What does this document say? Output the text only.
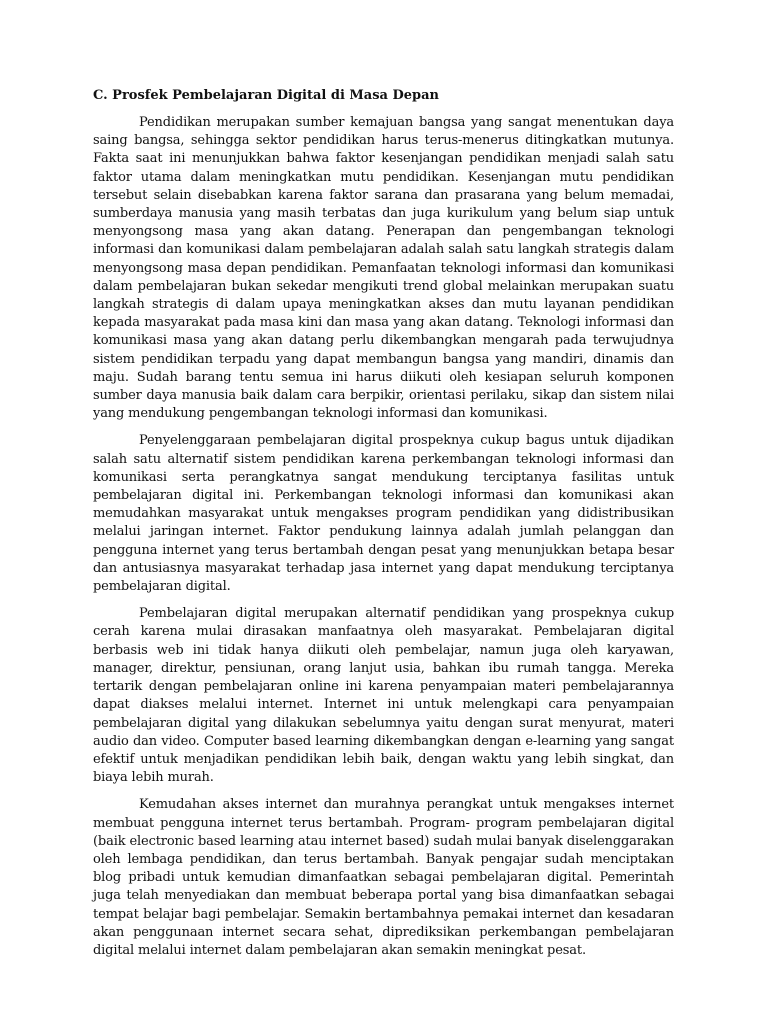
C. Prosfek Pembelajaran Digital di Masa Depan

Pendidikan merupakan sumber kemajuan bangsa yang sangat menentukan daya saing bangsa, sehingga sektor pendidikan harus terus-menerus ditingkatkan mutunya. Fakta saat ini menunjukkan bahwa faktor kesenjangan pendidikan menjadi salah satu faktor utama dalam meningkatkan mutu pendidikan. Kesenjangan mutu pendidikan tersebut selain disebabkan karena faktor sarana dan prasarana yang belum memadai, sumberdaya manusia yang masih terbatas dan juga kurikulum yang belum siap untuk menyongsong masa yang akan datang. Penerapan dan pengembangan teknologi informasi dan komunikasi dalam pembelajaran adalah salah satu langkah strategis dalam menyongsong masa depan pendidikan. Pemanfaatan teknologi informasi dan komunikasi dalam pembelajaran bukan sekedar mengikuti trend global melainkan merupakan suatu langkah strategis di dalam upaya meningkatkan akses dan mutu layanan pendidikan kepada masyarakat pada masa kini dan masa yang akan datang. Teknologi informasi dan komunikasi masa yang akan datang perlu dikembangkan mengarah pada terwujudnya sistem pendidikan terpadu yang dapat membangun bangsa yang mandiri, dinamis dan maju. Sudah barang tentu semua ini harus diikuti oleh kesiapan seluruh komponen sumber daya manusia baik dalam cara berpikir, orientasi perilaku, sikap dan sistem nilai yang mendukung pengembangan teknologi informasi dan komunikasi.

Penyelenggaraan pembelajaran digital prospeknya cukup bagus untuk dijadikan salah satu alternatif sistem pendidikan karena perkembangan teknologi informasi dan komunikasi serta perangkatnya sangat mendukung terciptanya fasilitas untuk pembelajaran digital ini. Perkembangan teknologi informasi dan komunikasi akan memudahkan masyarakat untuk mengakses program pendidikan yang didistribusikan melalui jaringan internet. Faktor pendukung lainnya adalah jumlah pelanggan dan pengguna internet yang terus bertambah dengan pesat yang menunjukkan betapa besar dan antusiasnya masyarakat terhadap jasa internet yang dapat mendukung terciptanya pembelajaran digital.

Pembelajaran digital merupakan alternatif pendidikan yang prospeknya cukup cerah karena mulai dirasakan manfaatnya oleh masyarakat. Pembelajaran digital berbasis web ini tidak hanya diikuti oleh pembelajar, namun juga oleh karyawan, manager, direktur, pensiunan, orang lanjut usia, bahkan ibu rumah tangga. Mereka tertarik dengan pembelajaran online ini karena penyampaian materi pembelajarannya dapat diakses melalui internet. Internet ini untuk melengkapi cara penyampaian pembelajaran digital yang dilakukan sebelumnya yaitu dengan surat menyurat, materi audio dan video. Computer based learning dikembangkan dengan e-learning yang sangat efektif untuk menjadikan pendidikan lebih baik, dengan waktu yang lebih singkat, dan biaya lebih murah.

Kemudahan akses internet dan murahnya perangkat untuk mengakses internet membuat pengguna internet terus bertambah. Program- program pembelajaran digital (baik electronic based learning atau internet based) sudah mulai banyak diselenggarakan oleh lembaga pendidikan, dan terus bertambah. Banyak pengajar sudah menciptakan blog pribadi untuk kemudian dimanfaatkan sebagai pembelajaran digital. Pemerintah juga telah menyediakan dan membuat beberapa portal yang bisa dimanfaatkan sebagai tempat belajar bagi pembelajar. Semakin bertambahnya pemakai internet dan kesadaran akan penggunaan internet secara sehat, diprediksikan perkembangan pembelajaran digital melalui internet dalam pembelajaran akan semakin meningkat pesat.
